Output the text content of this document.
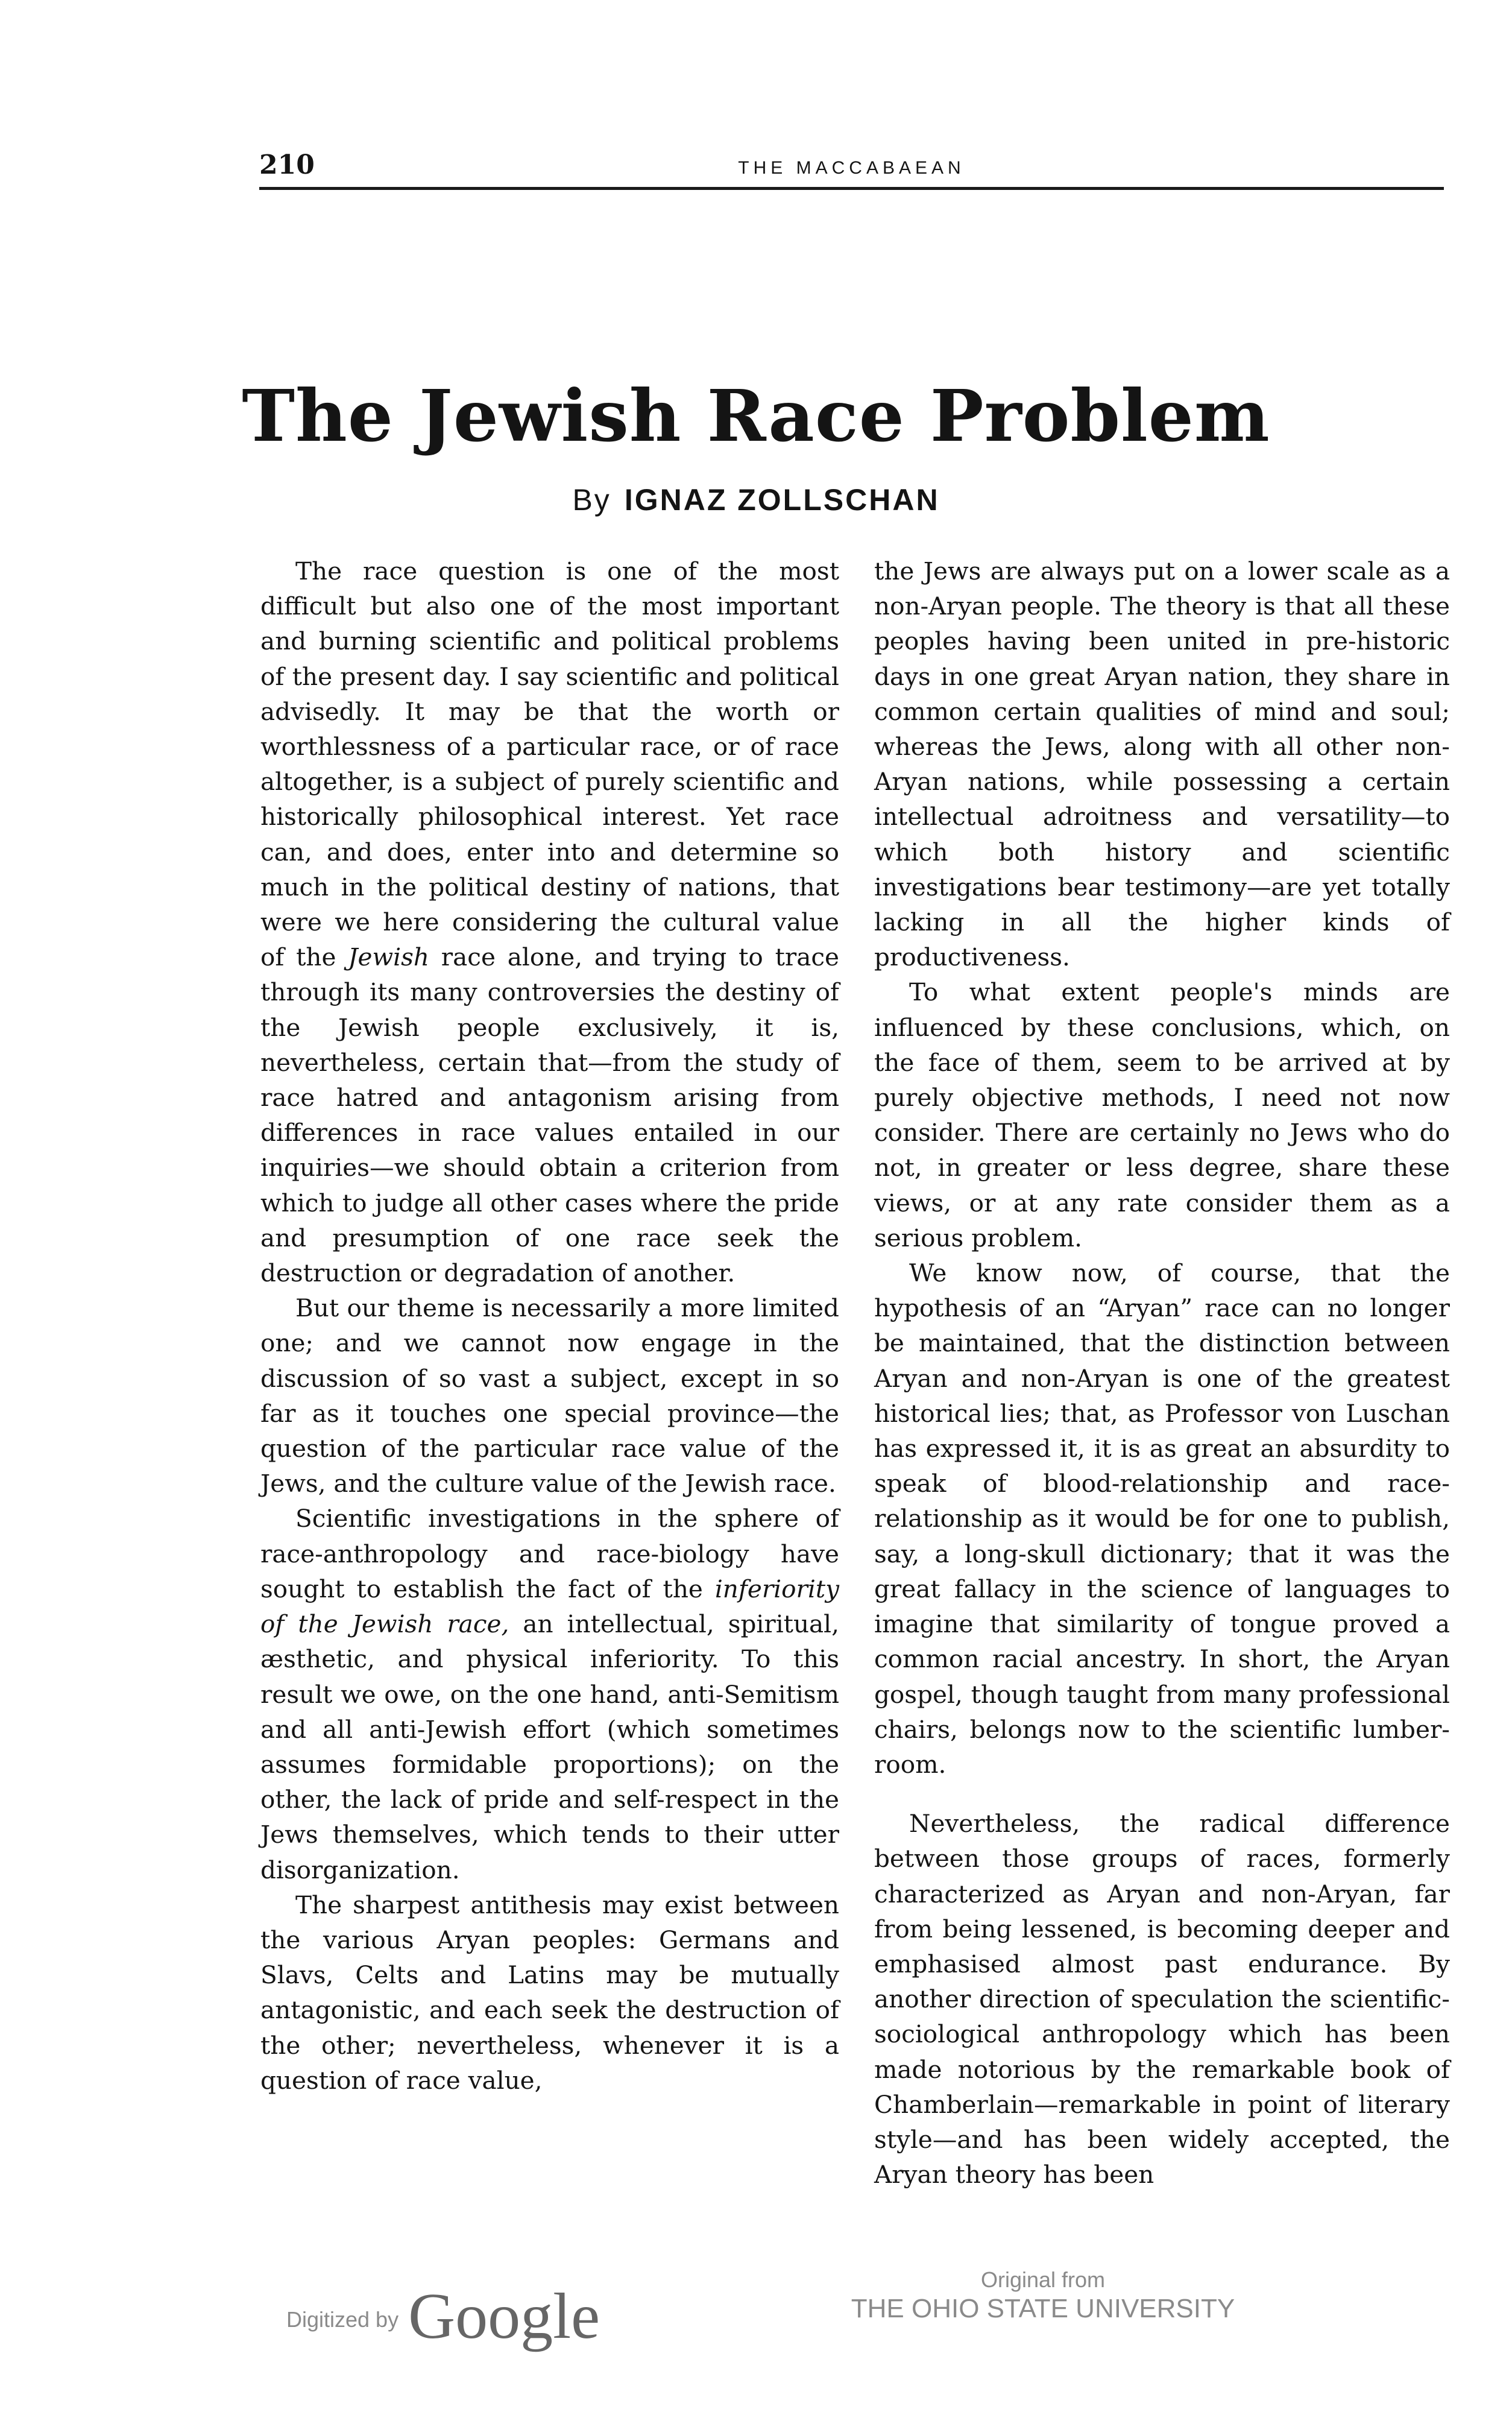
210	THE MACCABAEAN
The Jewish Race Problem
By IGNAZ ZOLLSCHAN

The race question is one of the most difficult but also one of the most important and burning scientific and political problems of the present day. I say scientific and political advisedly. It may be that the worth or worthlessness of a particular race, or of race altogether, is a subject of purely scientific and historically philosophical interest. Yet race can, and does, enter into and determine so much in the political destiny of nations, that were we here considering the cultural value of the Jewish race alone, and trying to trace through its many controversies the destiny of the Jewish people exclusively, it is, nevertheless, certain that—from the study of race hatred and antagonism arising from differences in race values entailed in our inquiries—we should obtain a criterion from which to judge all other cases where the pride and presumption of one race seek the destruction or degradation of another.

But our theme is necessarily a more limited one; and we cannot now engage in the discussion of so vast a subject, except in so far as it touches one special province—the question of the particular race value of the Jews, and the culture value of the Jewish race.

Scientific investigations in the sphere of race-anthropology and race-biology have sought to establish the fact of the inferiority of the Jewish race, an intellectual, spiritual, æsthetic, and physical inferiority. To this result we owe, on the one hand, anti-Semitism and all anti-Jewish effort (which sometimes assumes formidable proportions); on the other, the lack of pride and self-respect in the Jews themselves, which tends to their utter disorganization.

The sharpest antithesis may exist between the various Aryan peoples: Germans and Slavs, Celts and Latins may be mutually antagonistic, and each seek the destruction of the other; nevertheless, whenever it is a question of race value,

the Jews are always put on a lower scale as a non-Aryan people. The theory is that all these peoples having been united in pre-historic days in one great Aryan nation, they share in common certain qualities of mind and soul; whereas the Jews, along with all other non-Aryan nations, while possessing a certain intellectual adroitness and versatility—to which both history and scientific investigations bear testimony—are yet totally lacking in all the higher kinds of productiveness.

To what extent people's minds are influenced by these conclusions, which, on the face of them, seem to be arrived at by purely objective methods, I need not now consider. There are certainly no Jews who do not, in greater or less degree, share these views, or at any rate consider them as a serious problem.

We know now, of course, that the hypothesis of an “Aryan” race can no longer be maintained, that the distinction between Aryan and non-Aryan is one of the greatest historical lies; that, as Professor von Luschan has expressed it, it is as great an absurdity to speak of blood-relationship and race-relationship as it would be for one to publish, say, a long-skull dictionary; that it was the great fallacy in the science of languages to imagine that similarity of tongue proved a common racial ancestry. In short, the Aryan gospel, though taught from many professional chairs, belongs now to the scientific lumber-room.

Nevertheless, the radical difference between those groups of races, formerly characterized as Aryan and non-Aryan, far from being lessened, is becoming deeper and emphasised almost past endurance. By another direction of speculation the scientific-sociological anthropology which has been made notorious by the remarkable book of Chamberlain—remarkable in point of literary style—and has been widely accepted, the Aryan theory has been

Digitized by Google
Original from
THE OHIO STATE UNIVERSITY
